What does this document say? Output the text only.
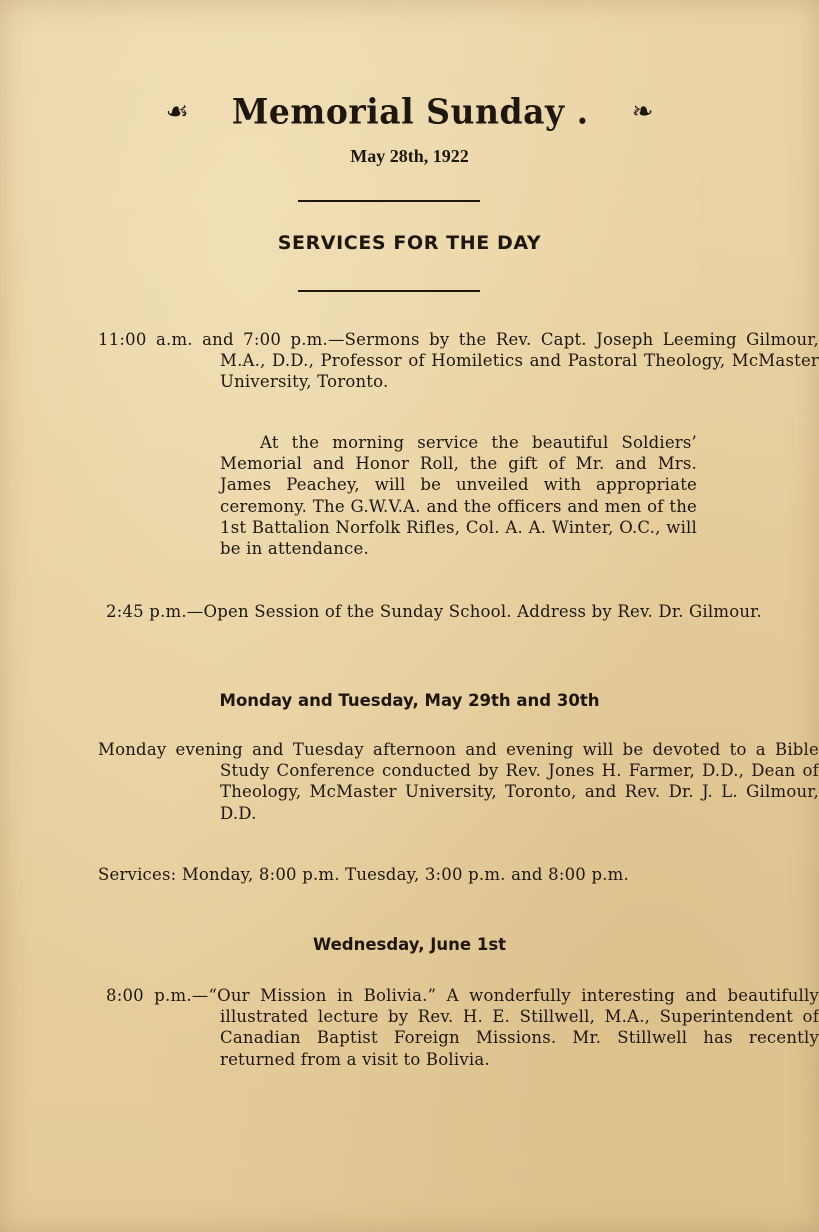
☙ Memorial Sunday . ❧
May 28th, 1922
SERVICES FOR THE DAY
11:00 a.m. and 7:00 p.m.—Sermons by the Rev. Capt. Joseph Leeming Gilmour, M.A., D.D., Professor of Homiletics and Pastoral Theology, McMaster University, Toronto.
At the morning service the beautiful Soldiers’ Memorial and Honor Roll, the gift of Mr. and Mrs. James Peachey, will be unveiled with appropriate ceremony. The G.W.V.A. and the officers and men of the 1st Battalion Norfolk Rifles, Col. A. A. Winter, O.C., will be in attendance.
2:45 p.m.—Open Session of the Sunday School. Address by Rev. Dr. Gilmour.
Monday and Tuesday, May 29th and 30th
Monday evening and Tuesday afternoon and evening will be devoted to a Bible Study Conference conducted by Rev. Jones H. Farmer, D.D., Dean of Theology, McMaster University, Toronto, and Rev. Dr. J. L. Gilmour, D.D.
Services: Monday, 8:00 p.m. Tuesday, 3:00 p.m. and 8:00 p.m.
Wednesday, June 1st
8:00 p.m.—“Our Mission in Bolivia.” A wonderfully interesting and beautifully illustrated lecture by Rev. H. E. Stillwell, M.A., Superintendent of Canadian Baptist Foreign Missions. Mr. Stillwell has recently returned from a visit to Bolivia.
